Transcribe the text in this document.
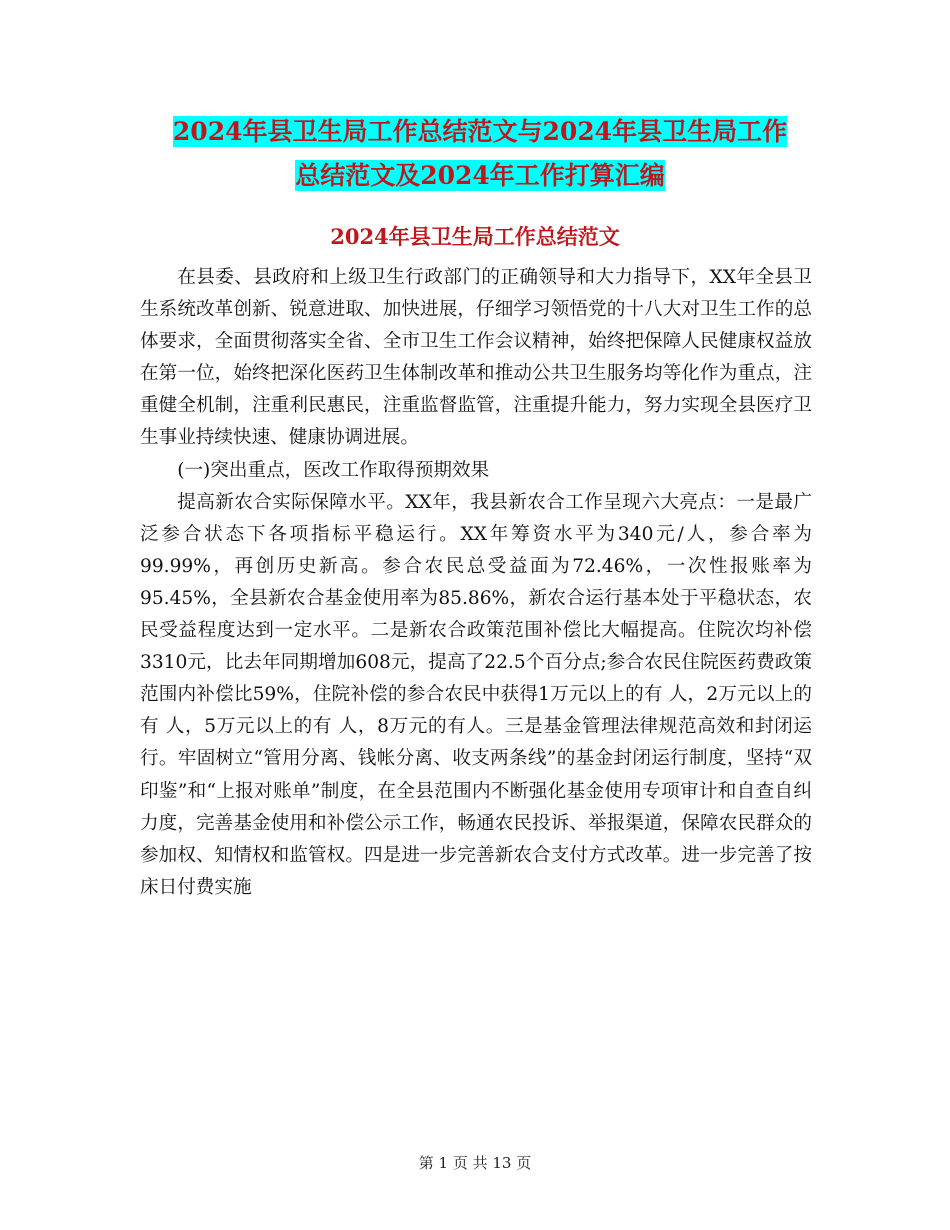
2024年县卫生局工作总结范文与2024年县卫生局工作
总结范文及2024年工作打算汇编
2024年县卫生局工作总结范文

在县委、县政府和上级卫生行政部门的正确领导和大力指导下，XX年全县卫生系统改革创新、锐意进取、加快进展，仔细学习领悟党的十八大对卫生工作的总体要求，全面贯彻落实全省、全市卫生工作会议精神，始终把保障人民健康权益放在第一位，始终把深化医药卫生体制改革和推动公共卫生服务均等化作为重点，注重健全机制，注重利民惠民，注重监督监管，注重提升能力，努力实现全县医疗卫生事业持续快速、健康协调进展。

(一)突出重点，医改工作取得预期效果

提高新农合实际保障水平。XX年，我县新农合工作呈现六大亮点：一是最广泛参合状态下各项指标平稳运行。XX年筹资水平为340元/人，参合率为99.99%，再创历史新高。参合农民总受益面为72.46%，一次性报账率为95.45%，全县新农合基金使用率为85.86%，新农合运行基本处于平稳状态，农民受益程度达到一定水平。二是新农合政策范围补偿比大幅提高。住院次均补偿3310元，比去年同期增加608元，提高了22.5个百分点;参合农民住院医药费政策范围内补偿比59%，住院补偿的参合农民中获得1万元以上的有 人，2万元以上的有 人，5万元以上的有 人，8万元的有人。三是基金管理法律规范高效和封闭运行。牢固树立“管用分离、钱帐分离、收支两条线”的基金封闭运行制度，坚持“双印鉴”和“上报对账单”制度，在全县范围内不断强化基金使用专项审计和自查自纠力度，完善基金使用和补偿公示工作，畅通农民投诉、举报渠道，保障农民群众的参加权、知情权和监管权。四是进一步完善新农合支付方式改革。进一步完善了按床日付费实施

第 1 页 共 13 页
